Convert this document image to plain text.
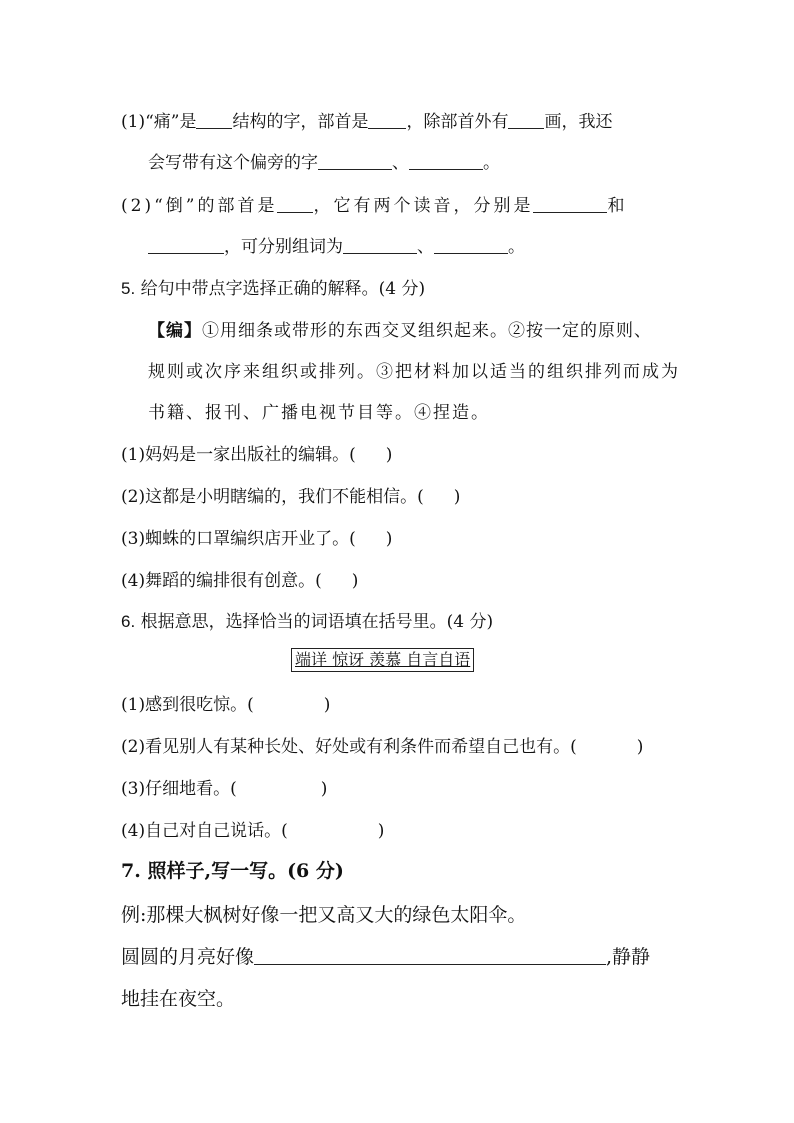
(1)“痛”是 结构的字，部首是 ，除部首外有 画，我还
会写带有这个偏旁的字	、	。
(2)“倒”的部首是 ，它有两个读音，分别是	和
，可分别组词为	、	。
5. 给句中带点字选择正确的解释。(4 分)
【编】①用细条或带形的东西交叉组织起来。②按一定的原则、
规则或次序来组织或排列。③把材料加以适当的组织排列而成为
书籍、报刊、广播电视节目等。④捏造。
(1)妈妈是一家出版社的编辑。( )
(2)这都是小明瞎编的，我们不能相信。( )
(3)蜘蛛的口罩编织店开业了。( )
(4)舞蹈的编排很有创意。( )
6. 根据意思，选择恰当的词语填在括号里。(4 分)
端详 惊讶 羡慕 自言自语
(1)感到很吃惊。(	)
(2)看见别人有某种长处、好处或有利条件而希望自己也有。(	)
(3)仔细地看。(	)
(4)自己对自己说话。(	)
7. 照样子,写一写。(6 分)
例:那棵大枫树好像一把又高又大的绿色太阳伞。
圆圆的月亮好像	,静静
地挂在夜空。
